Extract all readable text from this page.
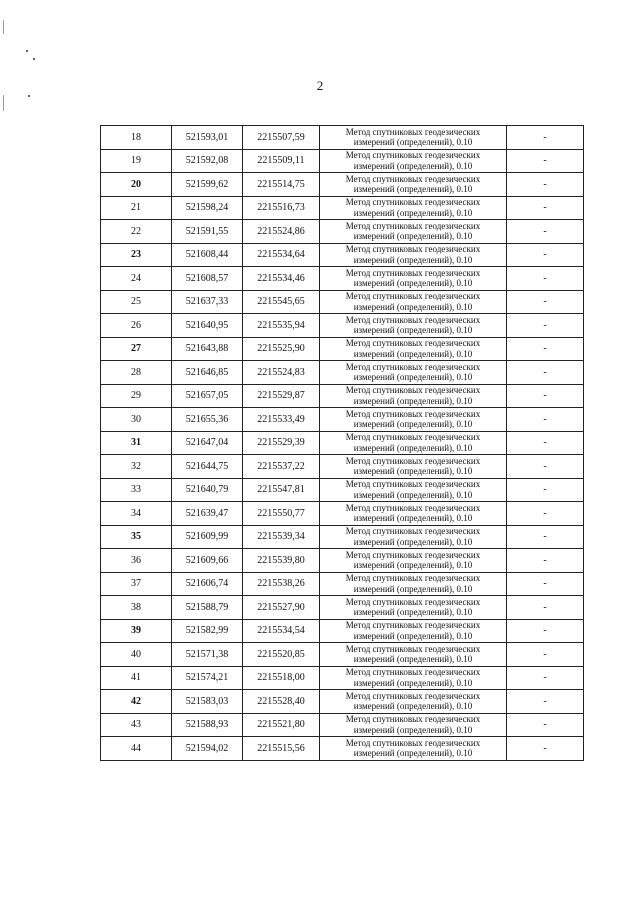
2
18	521593,01	2215507,59	Метод спутниковых геодезических
измерений (определений), 0.10	-
19	521592,08	2215509,11	Метод спутниковых геодезических
измерений (определений), 0.10	-
20	521599,62	2215514,75	Метод спутниковых геодезических
измерений (определений), 0.10	-
21	521598,24	2215516,73	Метод спутниковых геодезических
измерений (определений), 0.10	-
22	521591,55	2215524,86	Метод спутниковых геодезических
измерений (определений), 0.10	-
23	521608,44	2215534,64	Метод спутниковых геодезических
измерений (определений), 0.10	-
24	521608,57	2215534,46	Метод спутниковых геодезических
измерений (определений), 0.10	-
25	521637,33	2215545,65	Метод спутниковых геодезических
измерений (определений), 0.10	-
26	521640,95	2215535,94	Метод спутниковых геодезических
измерений (определений), 0.10	-
27	521643,88	2215525,90	Метод спутниковых геодезических
измерений (определений), 0.10	-
28	521646,85	2215524,83	Метод спутниковых геодезических
измерений (определений), 0.10	-
29	521657,05	2215529,87	Метод спутниковых геодезических
измерений (определений), 0.10	-
30	521655,36	2215533,49	Метод спутниковых геодезических
измерений (определений), 0.10	-
31	521647,04	2215529,39	Метод спутниковых геодезических
измерений (определений), 0.10	-
32	521644,75	2215537,22	Метод спутниковых геодезических
измерений (определений), 0.10	-
33	521640,79	2215547,81	Метод спутниковых геодезических
измерений (определений), 0.10	-
34	521639,47	2215550,77	Метод спутниковых геодезических
измерений (определений), 0.10	-
35	521609,99	2215539,34	Метод спутниковых геодезических
измерений (определений), 0.10	-
36	521609,66	2215539,80	Метод спутниковых геодезических
измерений (определений), 0.10	-
37	521606,74	2215538,26	Метод спутниковых геодезических
измерений (определений), 0.10	-
38	521588,79	2215527,90	Метод спутниковых геодезических
измерений (определений), 0.10	-
39	521582,99	2215534,54	Метод спутниковых геодезических
измерений (определений), 0.10	-
40	521571,38	2215520,85	Метод спутниковых геодезических
измерений (определений), 0.10	-
41	521574,21	2215518,00	Метод спутниковых геодезических
измерений (определений), 0.10	-
42	521583,03	2215528,40	Метод спутниковых геодезических
измерений (определений), 0.10	-
43	521588,93	2215521,80	Метод спутниковых геодезических
измерений (определений), 0.10	-
44	521594,02	2215515,56	Метод спутниковых геодезических
измерений (определений), 0.10	-
